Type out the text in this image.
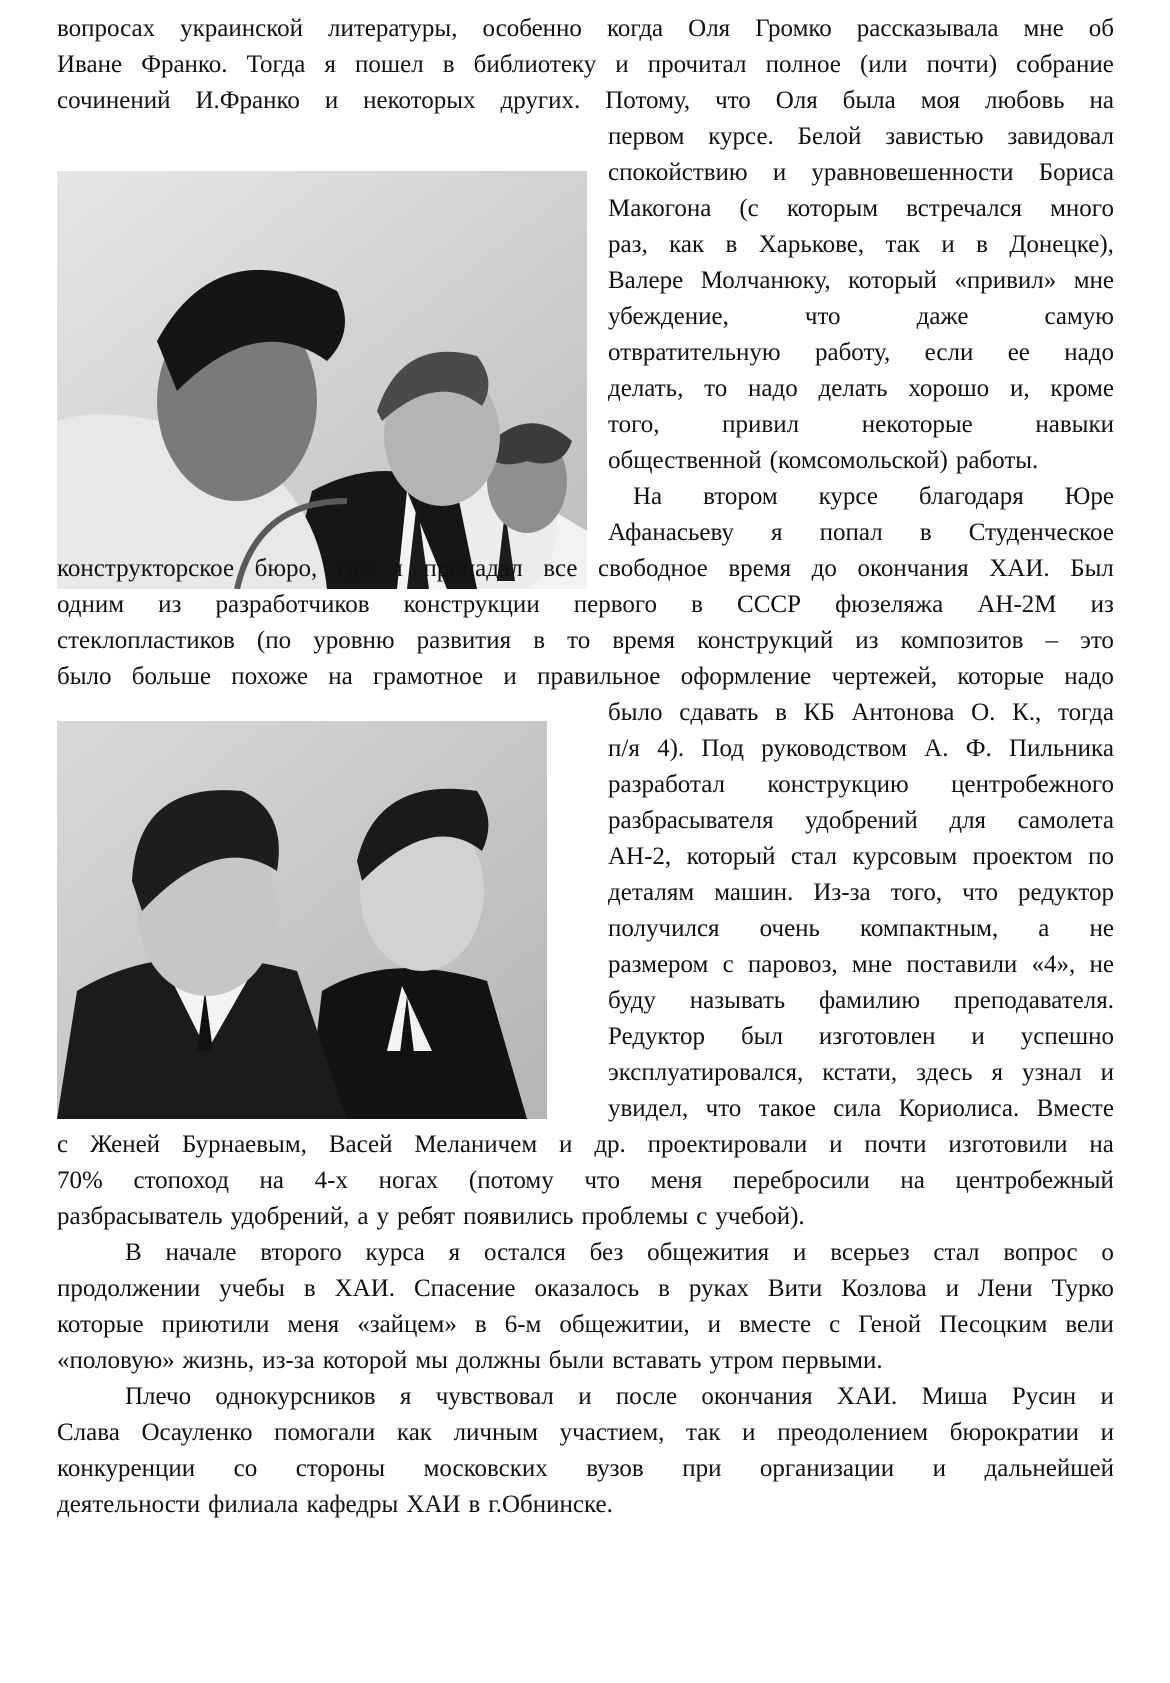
вопросах украинской литературы, особенно когда Оля Громко рассказывала мне об
Иване Франко. Тогда я пошел в библиотеку и прочитал полное (или почти) собрание
сочинений И.Франко и некоторых других. Потому, что Оля была моя любовь на
первом курсе. Белой завистью завидовал
спокойствию и уравновешенности Бориса
Макогона (с которым встречался много
раз, как в Харькове, так и в Донецке),
Валере Молчанюку, который «привил» мне
убеждение,	что	даже	самую
отвратительную работу, если ее надо
делать, то надо делать хорошо и, кроме
того,	привил	некоторые	навыки
общественной (комсомольской) работы.
На втором курсе благодаря Юре
Афанасьеву я попал в Студенческое
конструкторское бюро, где я пропадал все свободное время до окончания ХАИ. Был
одним из разработчиков конструкции первого в СССР фюзеляжа АН-2М из
стеклопластиков (по уровню развития в то время конструкций из композитов – это
было больше похоже на грамотное и правильное оформление чертежей, которые надо
было сдавать в КБ Антонова О. К., тогда
п/я 4). Под руководством А. Ф. Пильника
разработал конструкцию центробежного
разбрасывателя удобрений для самолета
АН-2, который стал курсовым проектом по
деталям машин. Из-за того, что редуктор
получился очень компактным, а не
размером с паровоз, мне поставили «4», не
буду называть фамилию преподавателя.
Редуктор был изготовлен и успешно
эксплуатировался, кстати, здесь я узнал и
увидел, что такое сила Кориолиса. Вместе
с Женей Бурнаевым, Васей Меланичем и др. проектировали и почти изготовили на
70% стопоход на 4-х ногах (потому что меня перебросили на центробежный
разбрасыватель удобрений, а у ребят появились проблемы с учебой).
В начале второго курса я остался без общежития и всерьез стал вопрос о
продолжении учебы в ХАИ. Спасение оказалось в руках Вити Козлова и Лени Турко
которые приютили меня «зайцем» в 6-м общежитии, и вместе с Геной Песоцким вели
«половую» жизнь, из-за которой мы должны были вставать утром первыми.
Плечо однокурсников я чувствовал и после окончания ХАИ. Миша Русин и
Слава Осауленко помогали как личным участием, так и преодолением бюрократии и
конкуренции со стороны московских вузов при организации и дальнейшей
деятельности филиала кафедры ХАИ в г.Обнинске.
